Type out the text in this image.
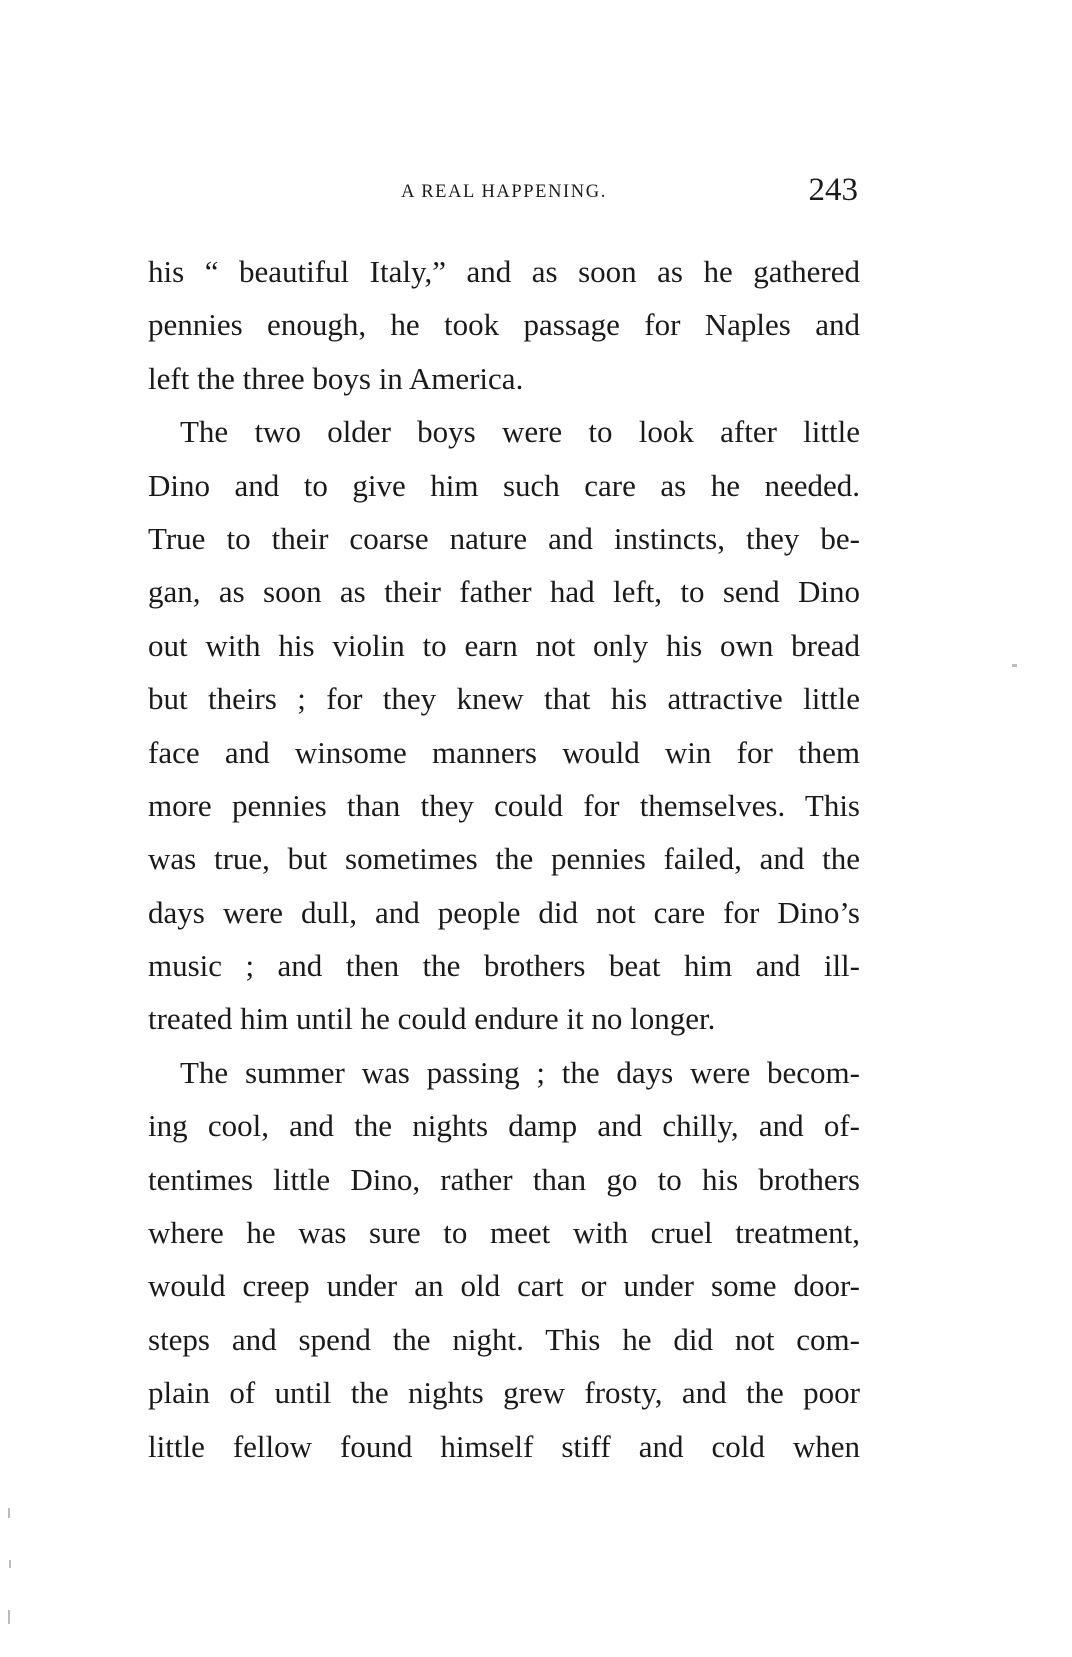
A REAL HAPPENING.	243
his “ beautiful Italy,” and as soon as he gathered
pennies enough, he took passage for Naples and
left the three boys in America.
The two older boys were to look after little
Dino and to give him such care as he needed.
True to their coarse nature and instincts, they be-
gan, as soon as their father had left, to send Dino
out with his violin to earn not only his own bread
but theirs ; for they knew that his attractive little
face and winsome manners would win for them
more pennies than they could for themselves. This
was true, but sometimes the pennies failed, and the
days were dull, and people did not care for Dino’s
music ; and then the brothers beat him and ill-
treated him until he could endure it no longer.
The summer was passing ; the days were becom-
ing cool, and the nights damp and chilly, and of-
tentimes little Dino, rather than go to his brothers
where he was sure to meet with cruel treatment,
would creep under an old cart or under some door-
steps and spend the night. This he did not com-
plain of until the nights grew frosty, and the poor
little fellow found himself stiff and cold when
